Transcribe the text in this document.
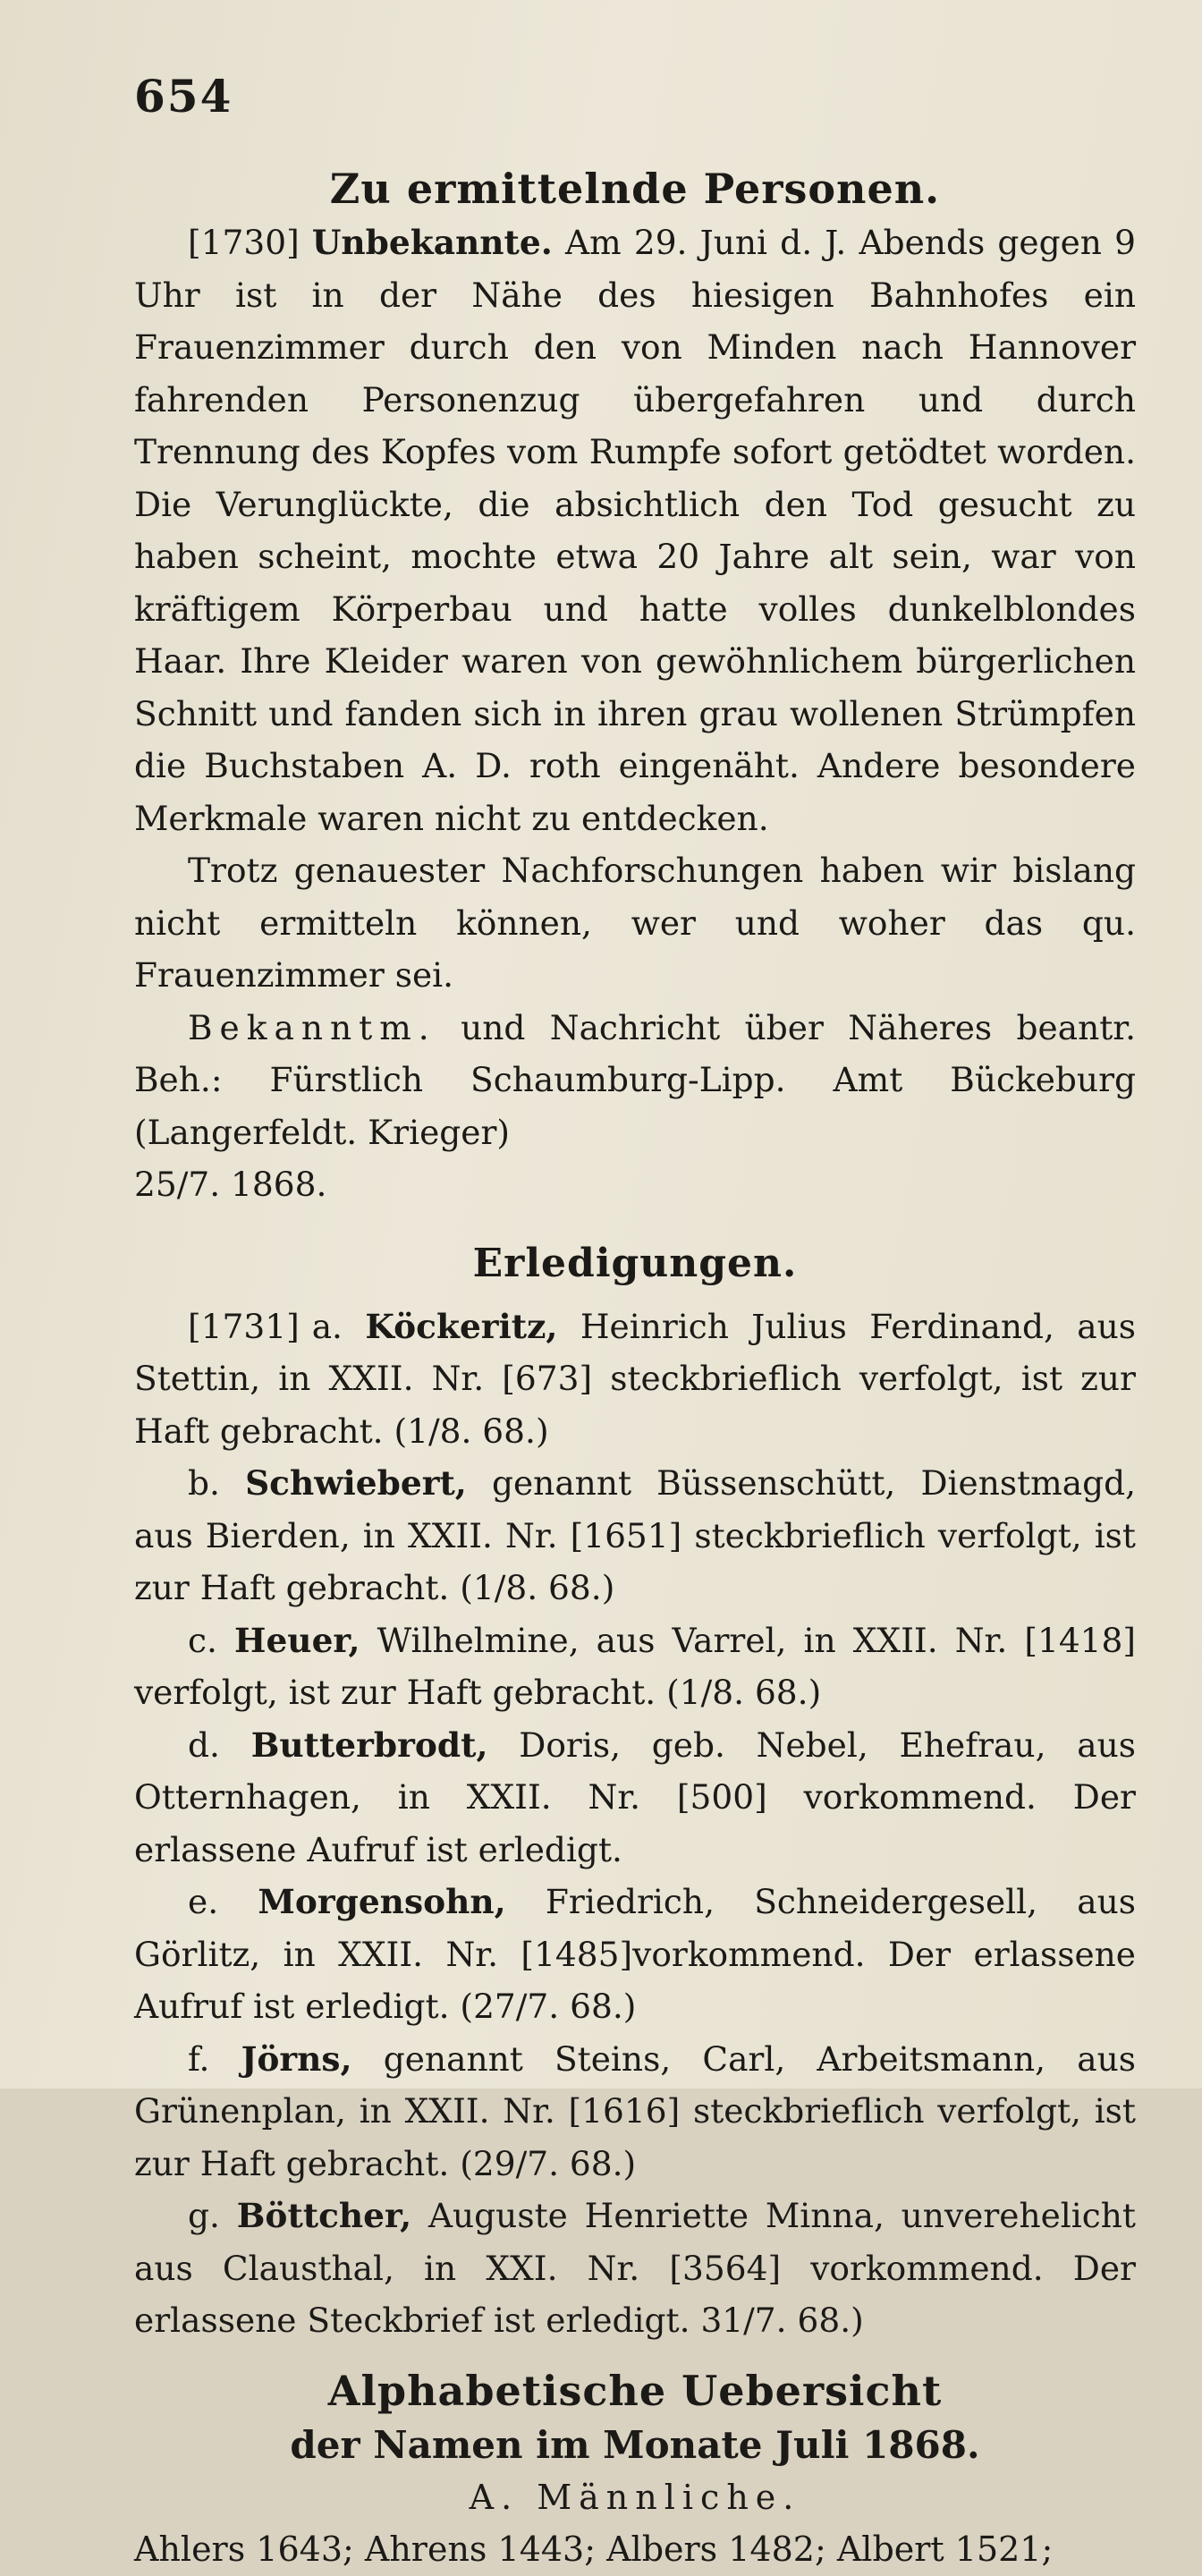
654
Zu ermittelnde Personen.

[1730] Unbekannte. Am 29. Juni d. J. Abends gegen 9 Uhr ist in der Nähe des hiesigen Bahnhofes ein Frauenzimmer durch den von Minden nach Hannover fahrenden Personenzug übergefahren und durch Trennung des Kopfes vom Rumpfe sofort getödtet worden. Die Verunglückte, die absichtlich den Tod gesucht zu haben scheint, mochte etwa 20 Jahre alt sein, war von kräftigem Körperbau und hatte volles dunkelblondes Haar. Ihre Kleider waren von gewöhnlichem bürgerlichen Schnitt und fanden sich in ihren grau wollenen Strümpfen die Buchstaben A. D. roth eingenäht. Andere besondere Merkmale waren nicht zu entdecken.

Trotz genauester Nachforschungen haben wir bislang nicht ermitteln können, wer und woher das qu. Frauenzimmer sei.

Bekanntm. und Nachricht über Näheres beantr. Beh.: Fürstlich Schaumburg-Lipp. Amt Bückeburg (Langerfeldt. Krieger)
25/7. 1868.

Erledigungen.

[1731] a. Köckeritz, Heinrich Julius Ferdinand, aus Stettin, in XXII. Nr. [673] steckbrieflich verfolgt, ist zur Haft gebracht. (1/8. 68.)

b. Schwiebert, genannt Büssenschütt, Dienstmagd, aus Bierden, in XXII. Nr. [1651] steckbrieflich verfolgt, ist zur Haft gebracht. (1/8. 68.)

c. Heuer, Wilhelmine, aus Varrel, in XXII. Nr. [1418] verfolgt, ist zur Haft gebracht. (1/8. 68.)

d. Butterbrodt, Doris, geb. Nebel, Ehefrau, aus Otternhagen, in XXII. Nr. [500] vorkommend. Der erlassene Aufruf ist erledigt.

e. Morgensohn, Friedrich, Schneidergesell, aus Görlitz, in XXII. Nr. [1485]vorkommend. Der erlassene Aufruf ist erledigt. (27/7. 68.)

f. Jörns, genannt Steins, Carl, Arbeitsmann, aus Grünenplan, in XXII. Nr. [1616] steckbrieflich verfolgt, ist zur Haft gebracht. (29/7. 68.)

g. Böttcher, Auguste Henriette Minna, unverehelicht aus Clausthal, in XXI. Nr. [3564] vorkommend. Der erlassene Steckbrief ist erledigt. 31/7. 68.)

Alphabetische Uebersicht
der Namen im Monate Juli 1868.
A. Männliche.
Ahlers 1643; Ahrens 1443; Albers 1482; Albert 1521;
